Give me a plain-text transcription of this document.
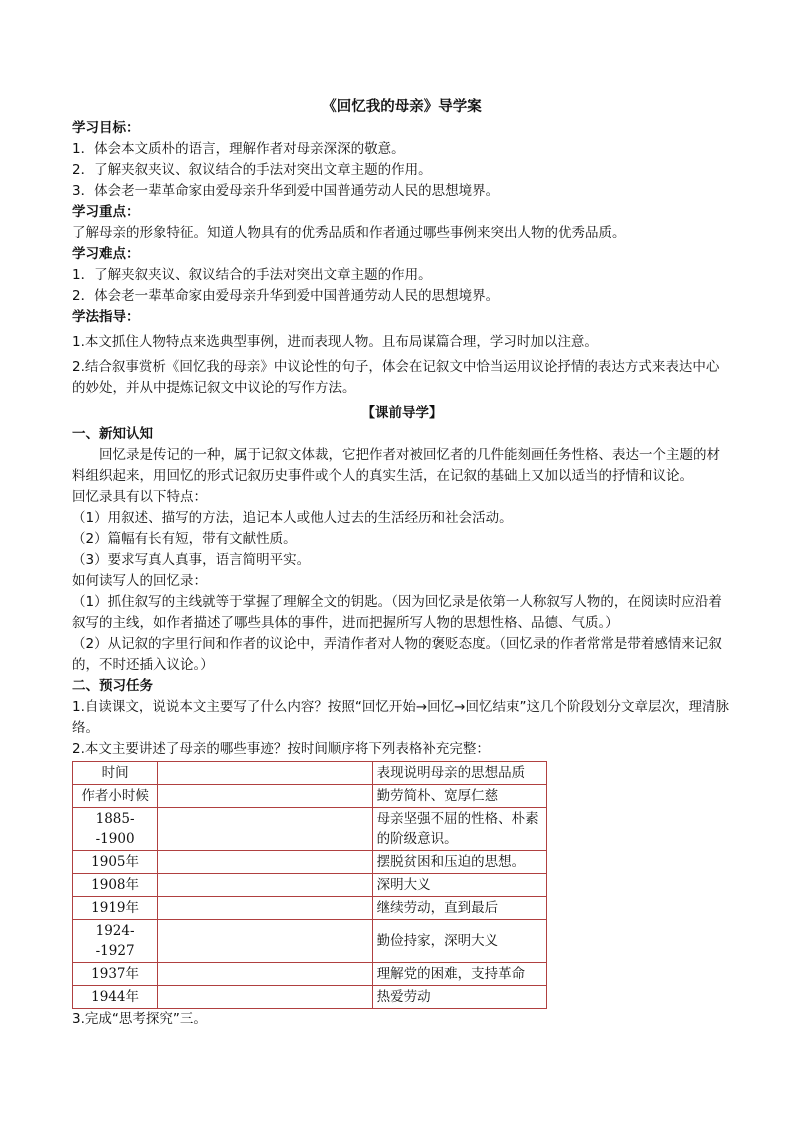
《回忆我的母亲》导学案
学习目标：
1．体会本文质朴的语言，理解作者对母亲深深的敬意。
2．了解夹叙夹议、叙议结合的手法对突出文章主题的作用。
3．体会老一辈革命家由爱母亲升华到爱中国普通劳动人民的思想境界。
学习重点：
了解母亲的形象特征。知道人物具有的优秀品质和作者通过哪些事例来突出人物的优秀品质。
学习难点：
1．了解夹叙夹议、叙议结合的手法对突出文章主题的作用。
2．体会老一辈革命家由爱母亲升华到爱中国普通劳动人民的思想境界。
学法指导：
1.本文抓住人物特点来选典型事例，进而表现人物。且布局谋篇合理，学习时加以注意。
2.结合叙事赏析《回忆我的母亲》中议论性的句子，体会在记叙文中恰当运用议论抒情的表达方式来表达中心的妙处，并从中提炼记叙文中议论的写作方法。
【课前导学】
一、新知认知
回忆录是传记的一种，属于记叙文体裁，它把作者对被回忆者的几件能刻画任务性格、表达一个主题的材料组织起来，用回忆的形式记叙历史事件或个人的真实生活，在记叙的基础上又加以适当的抒情和议论。
回忆录具有以下特点：
（1）用叙述、描写的方法，追记本人或他人过去的生活经历和社会活动。
（2）篇幅有长有短，带有文献性质。
（3）要求写真人真事，语言简明平实。
如何读写人的回忆录：
（1）抓住叙写的主线就等于掌握了理解全文的钥匙。（因为回忆录是依第一人称叙写人物的，在阅读时应沿着叙写的主线，如作者描述了哪些具体的事件，进而把握所写人物的思想性格、品德、气质。）
（2）从记叙的字里行间和作者的议论中，弄清作者对人物的褒贬态度。（回忆录的作者常常是带着感情来记叙的，不时还插入议论。）
二、预习任务
1.自读课文，说说本文主要写了什么内容？按照“回忆开始→回忆→回忆结束”这几个阶段划分文章层次，理清脉络。
2.本文主要讲述了母亲的哪些事迹？按时间顺序将下列表格补充完整：
时间		表现说明母亲的思想品质
作者小时候		勤劳简朴、宽厚仁慈
1885--1900		母亲坚强不屈的性格、朴素的阶级意识。
1905年		摆脱贫困和压迫的思想。
1908年		深明大义
1919年		继续劳动，直到最后
1924--1927		勤俭持家，深明大义
1937年		理解党的困难，支持革命
1944年		热爱劳动
3.完成“思考探究”三。
